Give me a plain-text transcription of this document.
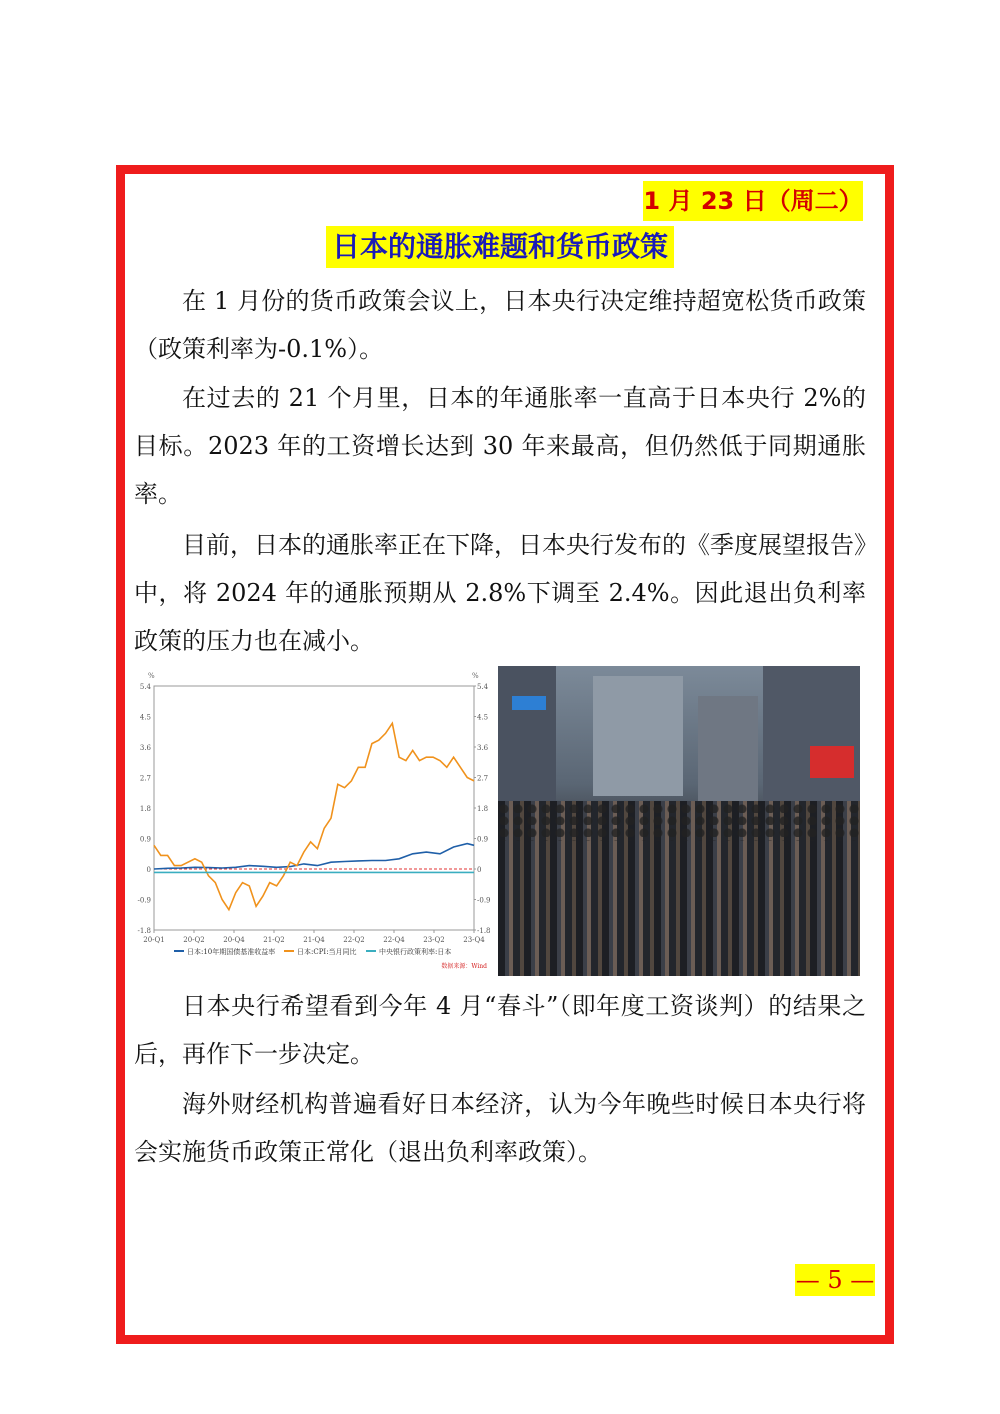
1 月 23 日（周二）
日本的通胀难题和货币政策

在 1 月份的货币政策会议上，日本央行决定维持超宽松货币政策（政策利率为-0.1%）。

在过去的 21 个月里，日本的年通胀率一直高于日本央行 2%的目标。2023 年的工资增长达到 30 年来最高，但仍然低于同期通胀率。

目前，日本的通胀率正在下降，日本央行发布的《季度展望报告》中，将 2024 年的通胀预期从 2.8%下调至 2.4%。因此退出负利率政策的压力也在减小。

%	%
5.4	5.4
4.5	4.5
3.6	3.6
2.7	2.7
1.8	1.8
0.9	0.9
0	0
-0.9	-0.9
-1.8	-1.8
20-Q1	20-Q2	20-Q4	21-Q2	21-Q4	22-Q2	22-Q4	23-Q2	23-Q4
日本:10年期国债基准收益率	日本:CPI:当月同比	中央银行政策利率:日本
数据来源：Wind

日本央行希望看到今年 4 月“春斗”（即年度工资谈判）的结果之后，再作下一步决定。

海外财经机构普遍看好日本经济，认为今年晚些时候日本央行将会实施货币政策正常化（退出负利率政策）。

— 5 —
